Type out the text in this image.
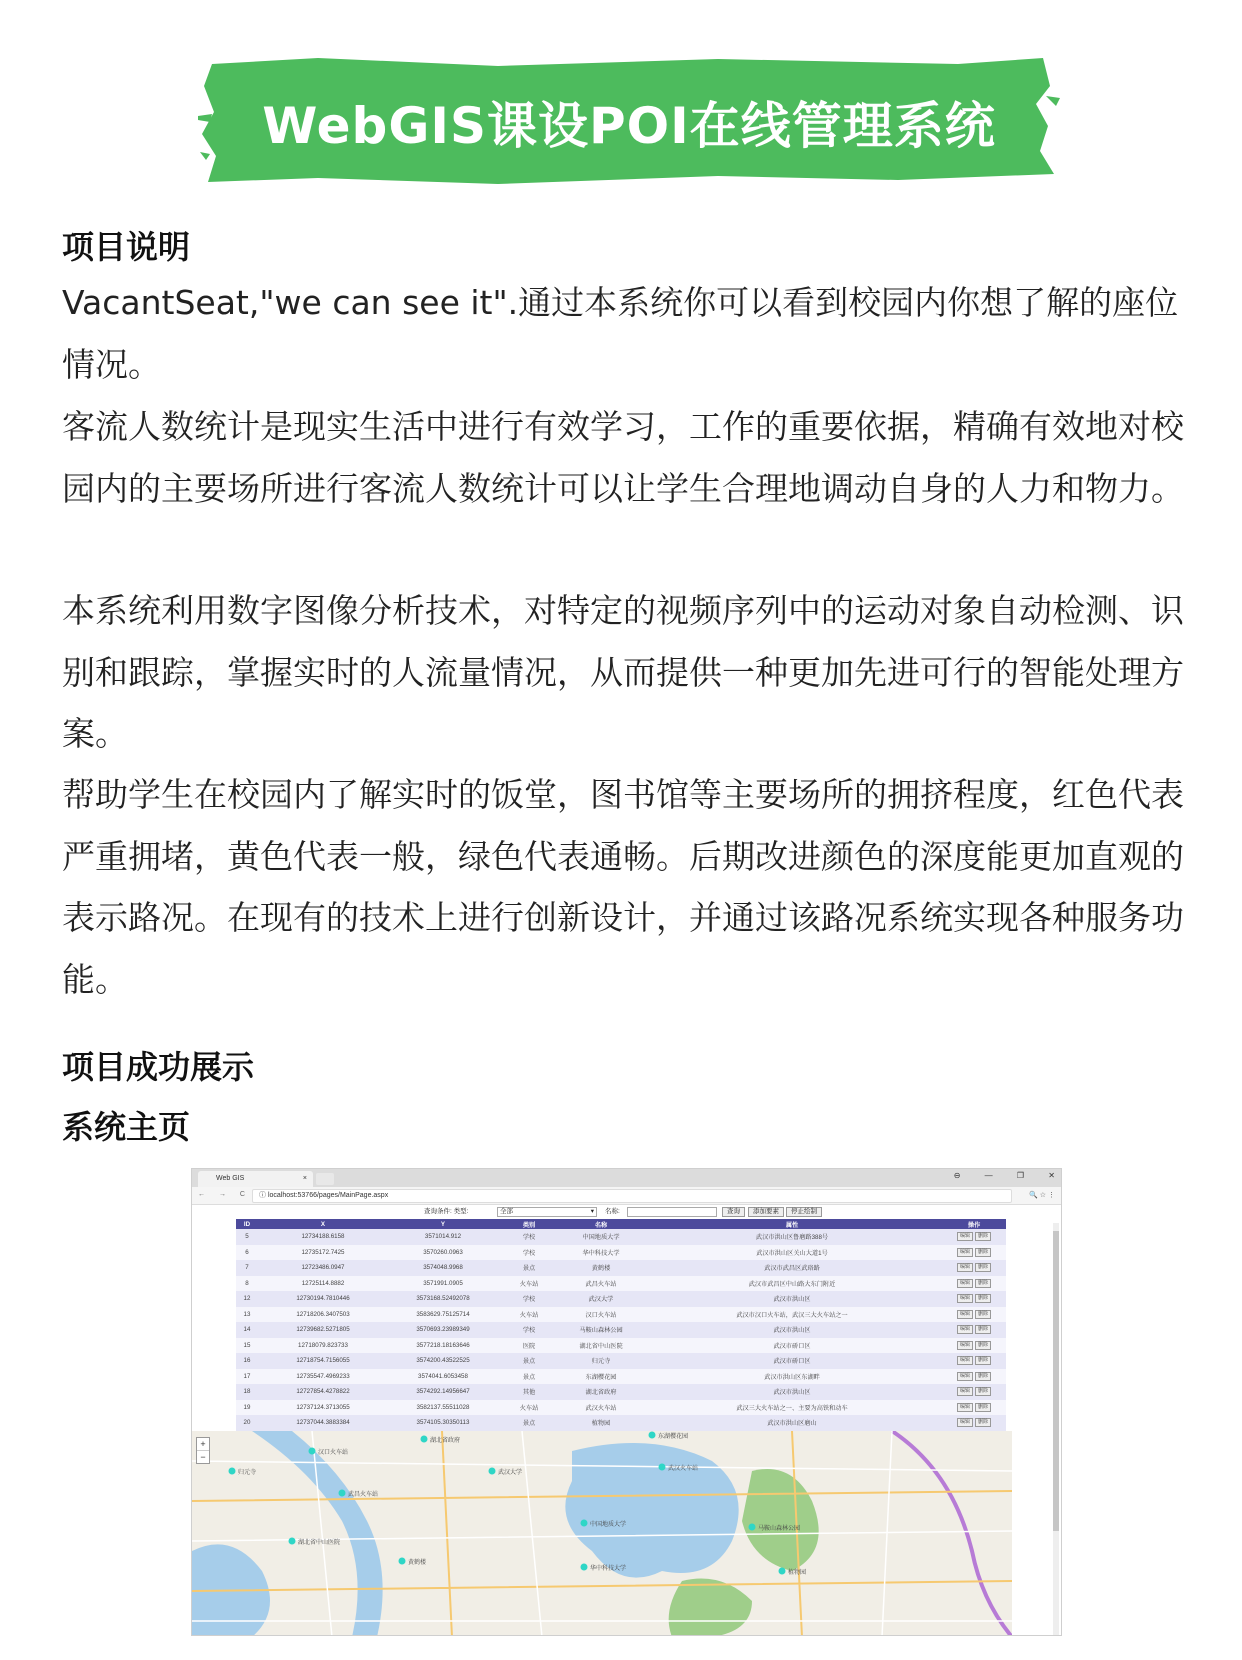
WebGIS课设POI在线管理系统
项目说明
VacantSeat,"we can see it".通过本系统你可以看到校园内你想了解的座位情况。
客流人数统计是现实生活中进行有效学习，工作的重要依据，精确有效地对校园内的主要场所进行客流人数统计可以让学生合理地调动自身的人力和物力。
本系统利用数字图像分析技术，对特定的视频序列中的运动对象自动检测、识别和跟踪，掌握实时的人流量情况，从而提供一种更加先进可行的智能处理方案。
帮助学生在校园内了解实时的饭堂，图书馆等主要场所的拥挤程度，红色代表严重拥堵，黄色代表一般，绿色代表通畅。后期改进颜色的深度能更加直观的表示路况。在现有的技术上进行创新设计，并通过该路况系统实现各种服务功能。
项目成功展示
系统主页
Web GIS	×	⊖	—	❐	✕
← → C	ⓘ localhost:53766/pages/MainPage.aspx	🔍 ☆ ⋮
查询条件: 类型:	全部	▾ 名称:	查询	添加要素	停止绘制
ID	X	Y	类别	名称	属性	操作
5	12734188.6158	3571014.912	学校	中国地质大学	武汉市洪山区鲁磨路388号	编辑 删除
6	12735172.7425	3570260.0963	学校	华中科技大学	武汉市洪山区关山大道1号	编辑 删除
7	12723486.0947	3574048.9968	景点	黄鹤楼	武汉市武昌区武珞路	编辑 删除
8	12725114.8882	3571991.0905	火车站	武昌火车站	武汉市武昌区中山路大东门附近	编辑 删除
12	12730194.7810446	3573168.52492078	学校	武汉大学	武汉市洪山区	编辑 删除
13	12718206.3407503	3583629.75125714	火车站	汉口火车站	武汉市汉口火车站，武汉三大火车站之一	编辑 删除
14	12739682.5271805	3570693.23989349	学校	马鞍山森林公园	武汉市洪山区	编辑 删除
15	12718079.823733	3577218.18163646	医院	湖北省中山医院	武汉市硚口区	编辑 删除
16	12718754.7156055	3574200.43522525	景点	归元寺	武汉市硚口区	编辑 删除
17	12735547.4969233	3574041.6053458	景点	东湖樱花园	武汉市洪山区东湖畔	编辑 删除
18	12727854.4278822	3574292.14956647	其他	湖北省政府	武汉市洪山区	编辑 删除
19	12737124.3713055	3582137.55511028	火车站	武汉火车站	武汉三大火车站之一、主要为高铁和动车	编辑 删除
20	12737044.3883384	3574105.30350113	景点	植物园	武汉市洪山区磨山	编辑 删除
湖北省政府
华中科技大学
中国地质大学
武汉大学
武昌火车站
武汉火车站
马鞍山森林公园
植物园
汉口火车站
东湖樱花园
黄鹤楼
归元寺
湖北省中山医院
+
−
